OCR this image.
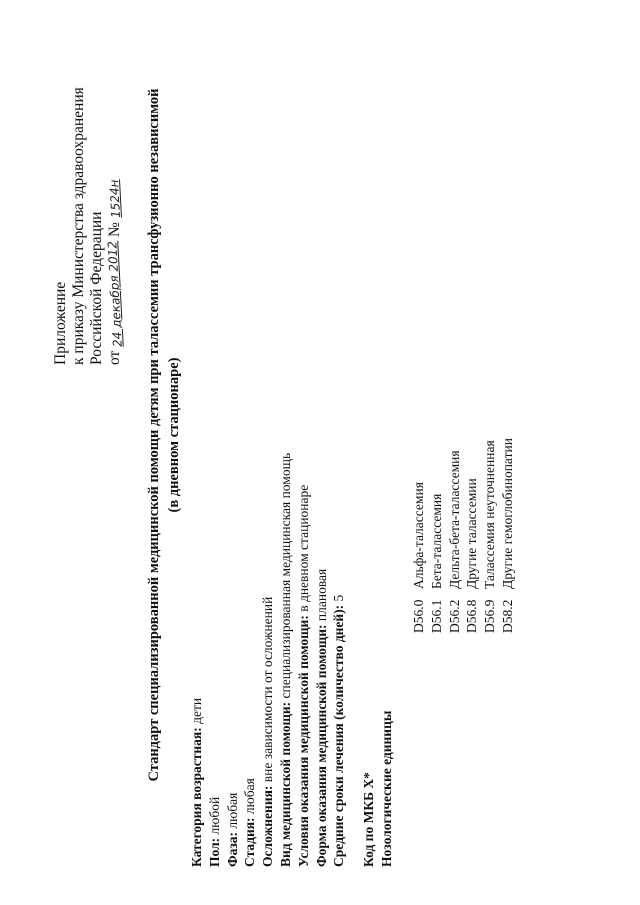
Приложение к приказу Министерства здравоохранения Российской Федерации от 24 декабря 2012 № 1524н Стандарт специализированной медицинской помощи детям при талассемии трансфузионно независимой (в дневном стационаре)
Категория возрастная: дети
Пол: любой
Фаза: любая
Стадия: любая Осложнения: вне зависимости от осложнений
Вид медицинской помощи: специализированная медицинская помощь
Условия оказания медицинской помощи: в дневном стационаре
Форма оказания медицинской помощи: плановая
Средние сроки лечения (количество дней): 5
Код по МКБ X* Нозологические единицы
D56.0Альфа-талассемия
D56.1Бета-талассемия
D56.2Дельта-бета-талассемия
D56.8Другие талассемии
D56.9Талассемия неуточненная
D58.2Другие гемоглобинопатии
